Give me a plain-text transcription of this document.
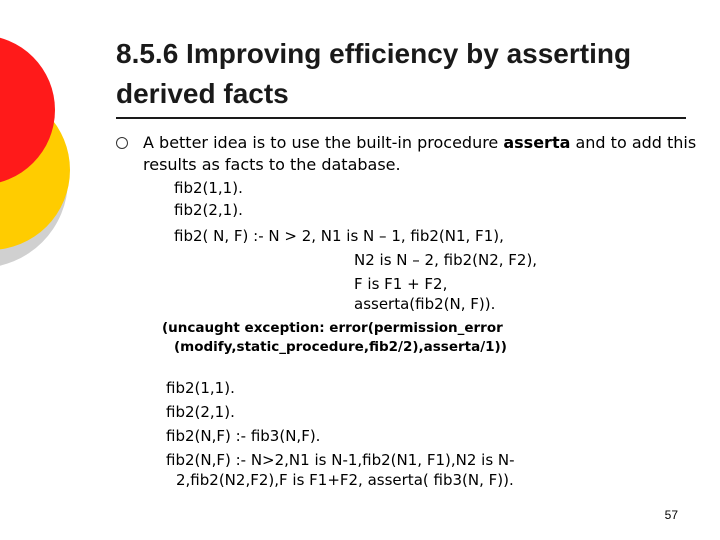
8.5.6 Improving efficiency by asserting derived facts

A better idea is to use the built-in procedure asserta and to add this results as facts to the database.

fib2(1,1).
fib2(2,1).
fib2( N, F) :- N > 2, N1 is N – 1, fib2(N1, F1),
N2 is N – 2, fib2(N2, F2),
F is F1 + F2,
asserta(fib2(N, F)).
(uncaught exception: error(permission_error
(modify,static_procedure,fib2/2),asserta/1))
fib2(1,1).
fib2(2,1).
fib2(N,F) :- fib3(N,F).
fib2(N,F) :- N>2,N1 is N-1,fib2(N1, F1),N2 is N-
2,fib2(N2,F2),F is F1+F2, asserta( fib3(N, F)).
57
